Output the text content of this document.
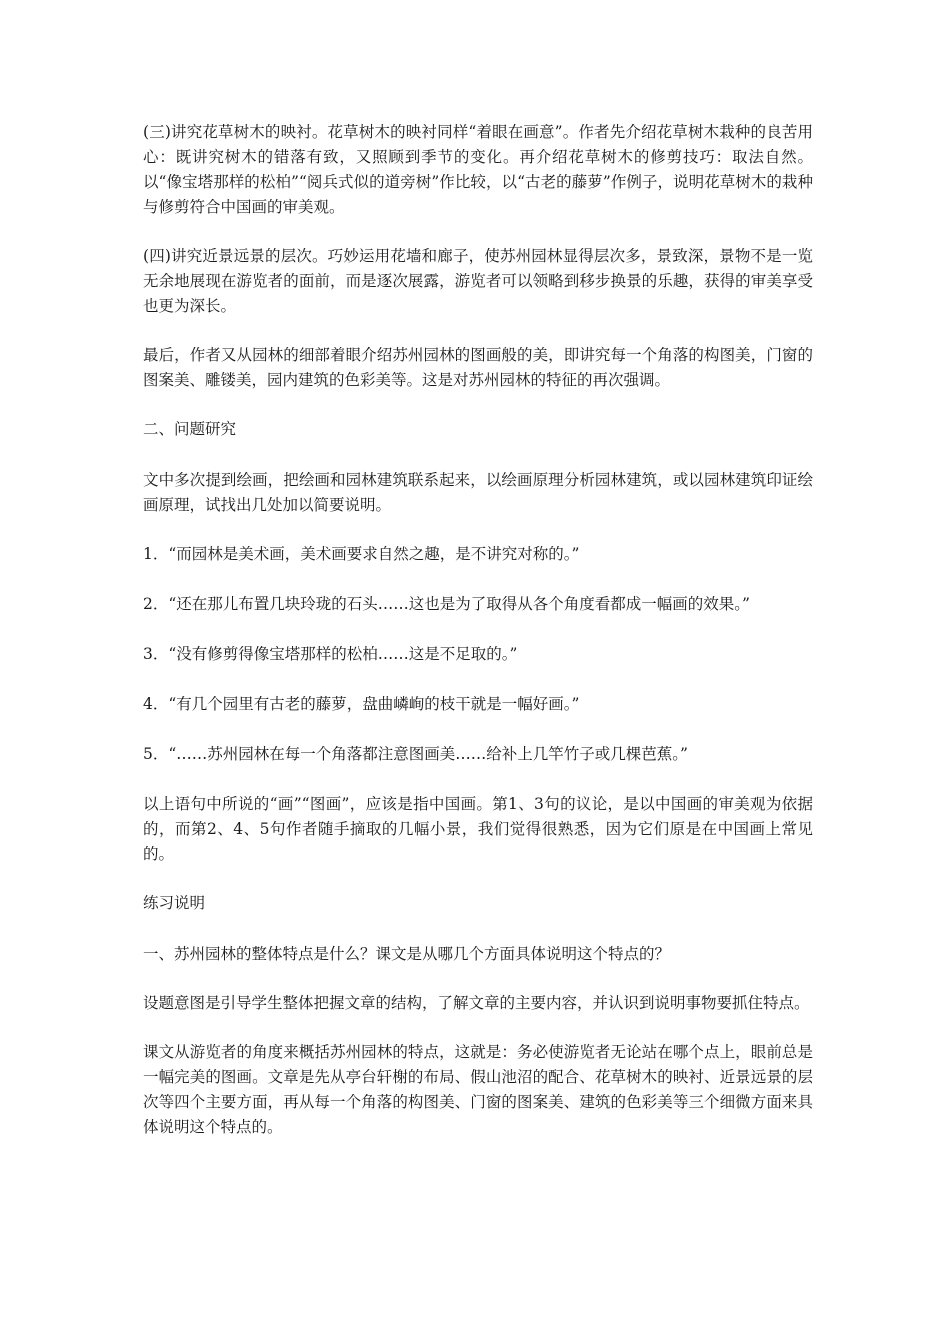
(三)讲究花草树木的映衬。花草树木的映衬同样“着眼在画意”。作者先介绍花草树木栽种的良苦用心：既讲究树木的错落有致，又照顾到季节的变化。再介绍花草树木的修剪技巧：取法自然。以“像宝塔那样的松柏”“阅兵式似的道旁树”作比较，以“古老的藤萝”作例子，说明花草树木的栽种与修剪符合中国画的审美观。

(四)讲究近景远景的层次。巧妙运用花墙和廊子，使苏州园林显得层次多，景致深，景物不是一览无余地展现在游览者的面前，而是逐次展露，游览者可以领略到移步换景的乐趣，获得的审美享受也更为深长。

最后，作者又从园林的细部着眼介绍苏州园林的图画般的美，即讲究每一个角落的构图美，门窗的图案美、雕镂美，园内建筑的色彩美等。这是对苏州园林的特征的再次强调。

二、问题研究

文中多次提到绘画，把绘画和园林建筑联系起来，以绘画原理分析园林建筑，或以园林建筑印证绘画原理，试找出几处加以简要说明。

1．“而园林是美术画，美术画要求自然之趣，是不讲究对称的。”

2．“还在那儿布置几块玲珑的石头……这也是为了取得从各个角度看都成一幅画的效果。”

3．“没有修剪得像宝塔那样的松柏……这是不足取的。”

4．“有几个园里有古老的藤萝，盘曲嶙峋的枝干就是一幅好画。”

5．“……苏州园林在每一个角落都注意图画美……给补上几竿竹子或几棵芭蕉。”

以上语句中所说的“画”“图画”，应该是指中国画。第1、3句的议论，是以中国画的审美观为依据的，而第2、4、5句作者随手摘取的几幅小景，我们觉得很熟悉，因为它们原是在中国画上常见的。

练习说明

一、苏州园林的整体特点是什么？课文是从哪几个方面具体说明这个特点的？

设题意图是引导学生整体把握文章的结构，了解文章的主要内容，并认识到说明事物要抓住特点。

课文从游览者的角度来概括苏州园林的特点，这就是：务必使游览者无论站在哪个点上，眼前总是一幅完美的图画。文章是先从亭台轩榭的布局、假山池沼的配合、花草树木的映衬、近景远景的层次等四个主要方面，再从每一个角落的构图美、门窗的图案美、建筑的色彩美等三个细微方面来具体说明这个特点的。
